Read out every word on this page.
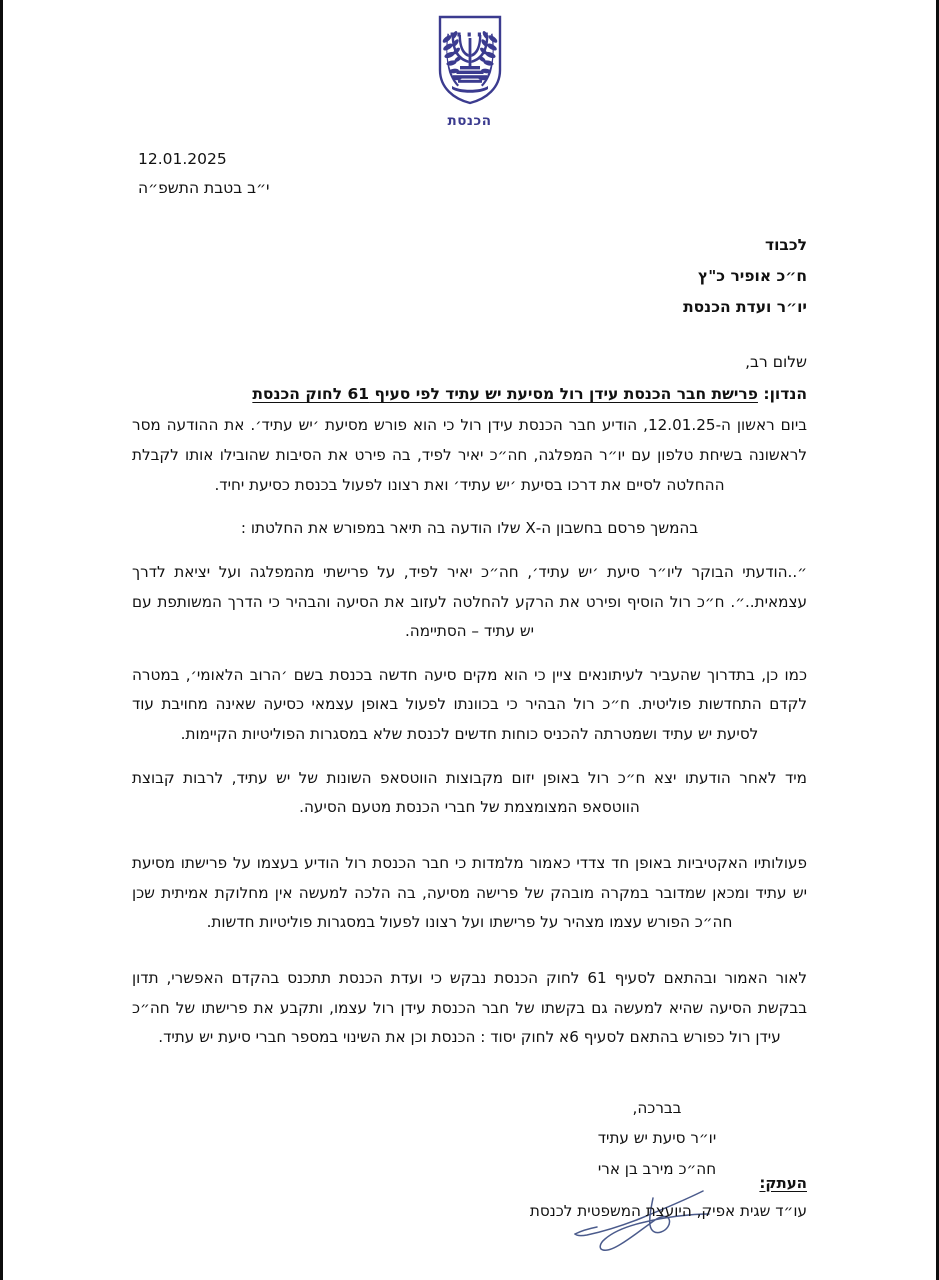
הכנסת
12.01.2025
י״ב בטבת התשפ״ה
לכבוד
ח״כ אופיר כ"ץ
יו״ר ועדת הכנסת
שלום רב,
הנדון: פרישת חבר הכנסת עידן רול מסיעת יש עתיד לפי סעיף 61 לחוק הכנסת

ביום ראשון ה-12.01.25, הודיע חבר הכנסת עידן רול כי הוא פורש מסיעת ׳יש עתיד׳. את ההודעה מסר לראשונה בשיחת טלפון עם יו״ר המפלגה, חה״כ יאיר לפיד, בה פירט את הסיבות שהובילו אותו לקבלת ההחלטה לסיים את דרכו בסיעת ׳יש עתיד׳ ואת רצונו לפעול בכנסת כסיעת יחיד.

בהמשך פרסם בחשבון ה-X שלו הודעה בה תיאר במפורש את החלטתו :

״..הודעתי הבוקר ליו״ר סיעת ׳יש עתיד׳, חה״כ יאיר לפיד, על פרישתי מהמפלגה ועל יציאת לדרך עצמאית..״. ח״כ רול הוסיף ופירט את הרקע להחלטה לעזוב את הסיעה והבהיר כי הדרך המשותפת עם יש עתיד – הסתיימה.

כמו כן, בתדרוך שהעביר לעיתונאים ציין כי הוא מקים סיעה חדשה בכנסת בשם ׳הרוב הלאומי׳, במטרה לקדם התחדשות פוליטית. ח״כ רול הבהיר כי בכוונתו לפעול באופן עצמאי כסיעה שאינה מחויבת עוד לסיעת יש עתיד ושמטרתה להכניס כוחות חדשים לכנסת שלא במסגרות הפוליטיות הקיימות.

מיד לאחר הודעתו יצא ח״כ רול באופן יזום מקבוצות הווטסאפ השונות של יש עתיד, לרבות קבוצת הווטסאפ המצומצמת של חברי הכנסת מטעם הסיעה.

פעולותיו האקטיביות באופן חד צדדי כאמור מלמדות כי חבר הכנסת רול הודיע בעצמו על פרישתו מסיעת יש עתיד ומכאן שמדובר במקרה מובהק של פרישה מסיעה, בה הלכה למעשה אין מחלוקת אמיתית שכן חה״כ הפורש עצמו מצהיר על פרישתו ועל רצונו לפעול במסגרות פוליטיות חדשות.

לאור האמור ובהתאם לסעיף 61 לחוק הכנסת נבקש כי ועדת הכנסת תתכנס בהקדם האפשרי, תדון בבקשת הסיעה שהיא למעשה גם בקשתו של חבר הכנסת עידן רול עצמו, ותקבע את פרישתו של חה״כ עידן רול כפורש בהתאם לסעיף 6א לחוק יסוד : הכנסת וכן את השינוי במספר חברי סיעת יש עתיד.

בברכה,
יו״ר סיעת יש עתיד
חה״כ מירב בן ארי
העתק:
עו״ד שגית אפיק, היועצת המשפטית לכנסת
